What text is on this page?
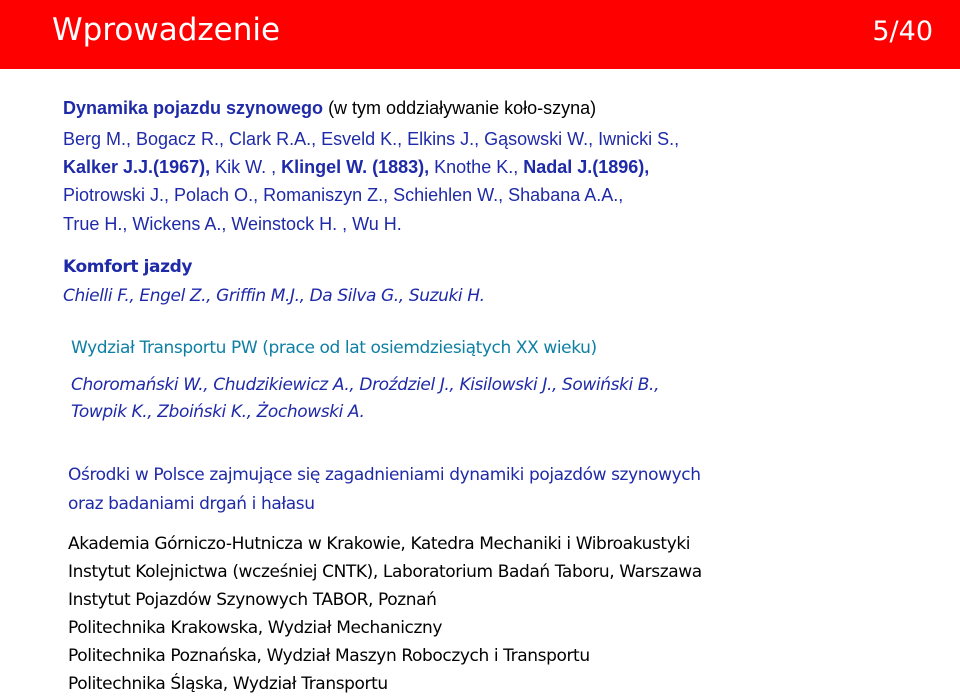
Wprowadzenie	5/40
Dynamika pojazdu szynowego (w tym oddziaływanie koło-szyna)
Berg M., Bogacz R., Clark R.A., Esveld K., Elkins J., Gąsowski W., Iwnicki S.,
Kalker J.J.(1967), Kik W. , Klingel W. (1883), Knothe K., Nadal J.(1896),
Piotrowski J., Polach O., Romaniszyn Z., Schiehlen W., Shabana A.A.,
True H., Wickens A., Weinstock H. , Wu H.
Komfort jazdy
Chielli F., Engel Z., Griffin M.J., Da Silva G., Suzuki H.
Wydział Transportu PW (prace od lat osiemdziesiątych XX wieku)
Choromański W., Chudzikiewicz A., Droździel J., Kisilowski J., Sowiński B.,
Towpik K., Zboiński K., Żochowski A.
Ośrodki w Polsce zajmujące się zagadnieniami dynamiki pojazdów szynowych
oraz badaniami drgań i hałasu
Akademia Górniczo-Hutnicza w Krakowie, Katedra Mechaniki i Wibroakustyki
Instytut Kolejnictwa (wcześniej CNTK), Laboratorium Badań Taboru, Warszawa
Instytut Pojazdów Szynowych TABOR, Poznań
Politechnika Krakowska, Wydział Mechaniczny
Politechnika Poznańska, Wydział Maszyn Roboczych i Transportu
Politechnika Śląska, Wydział Transportu
